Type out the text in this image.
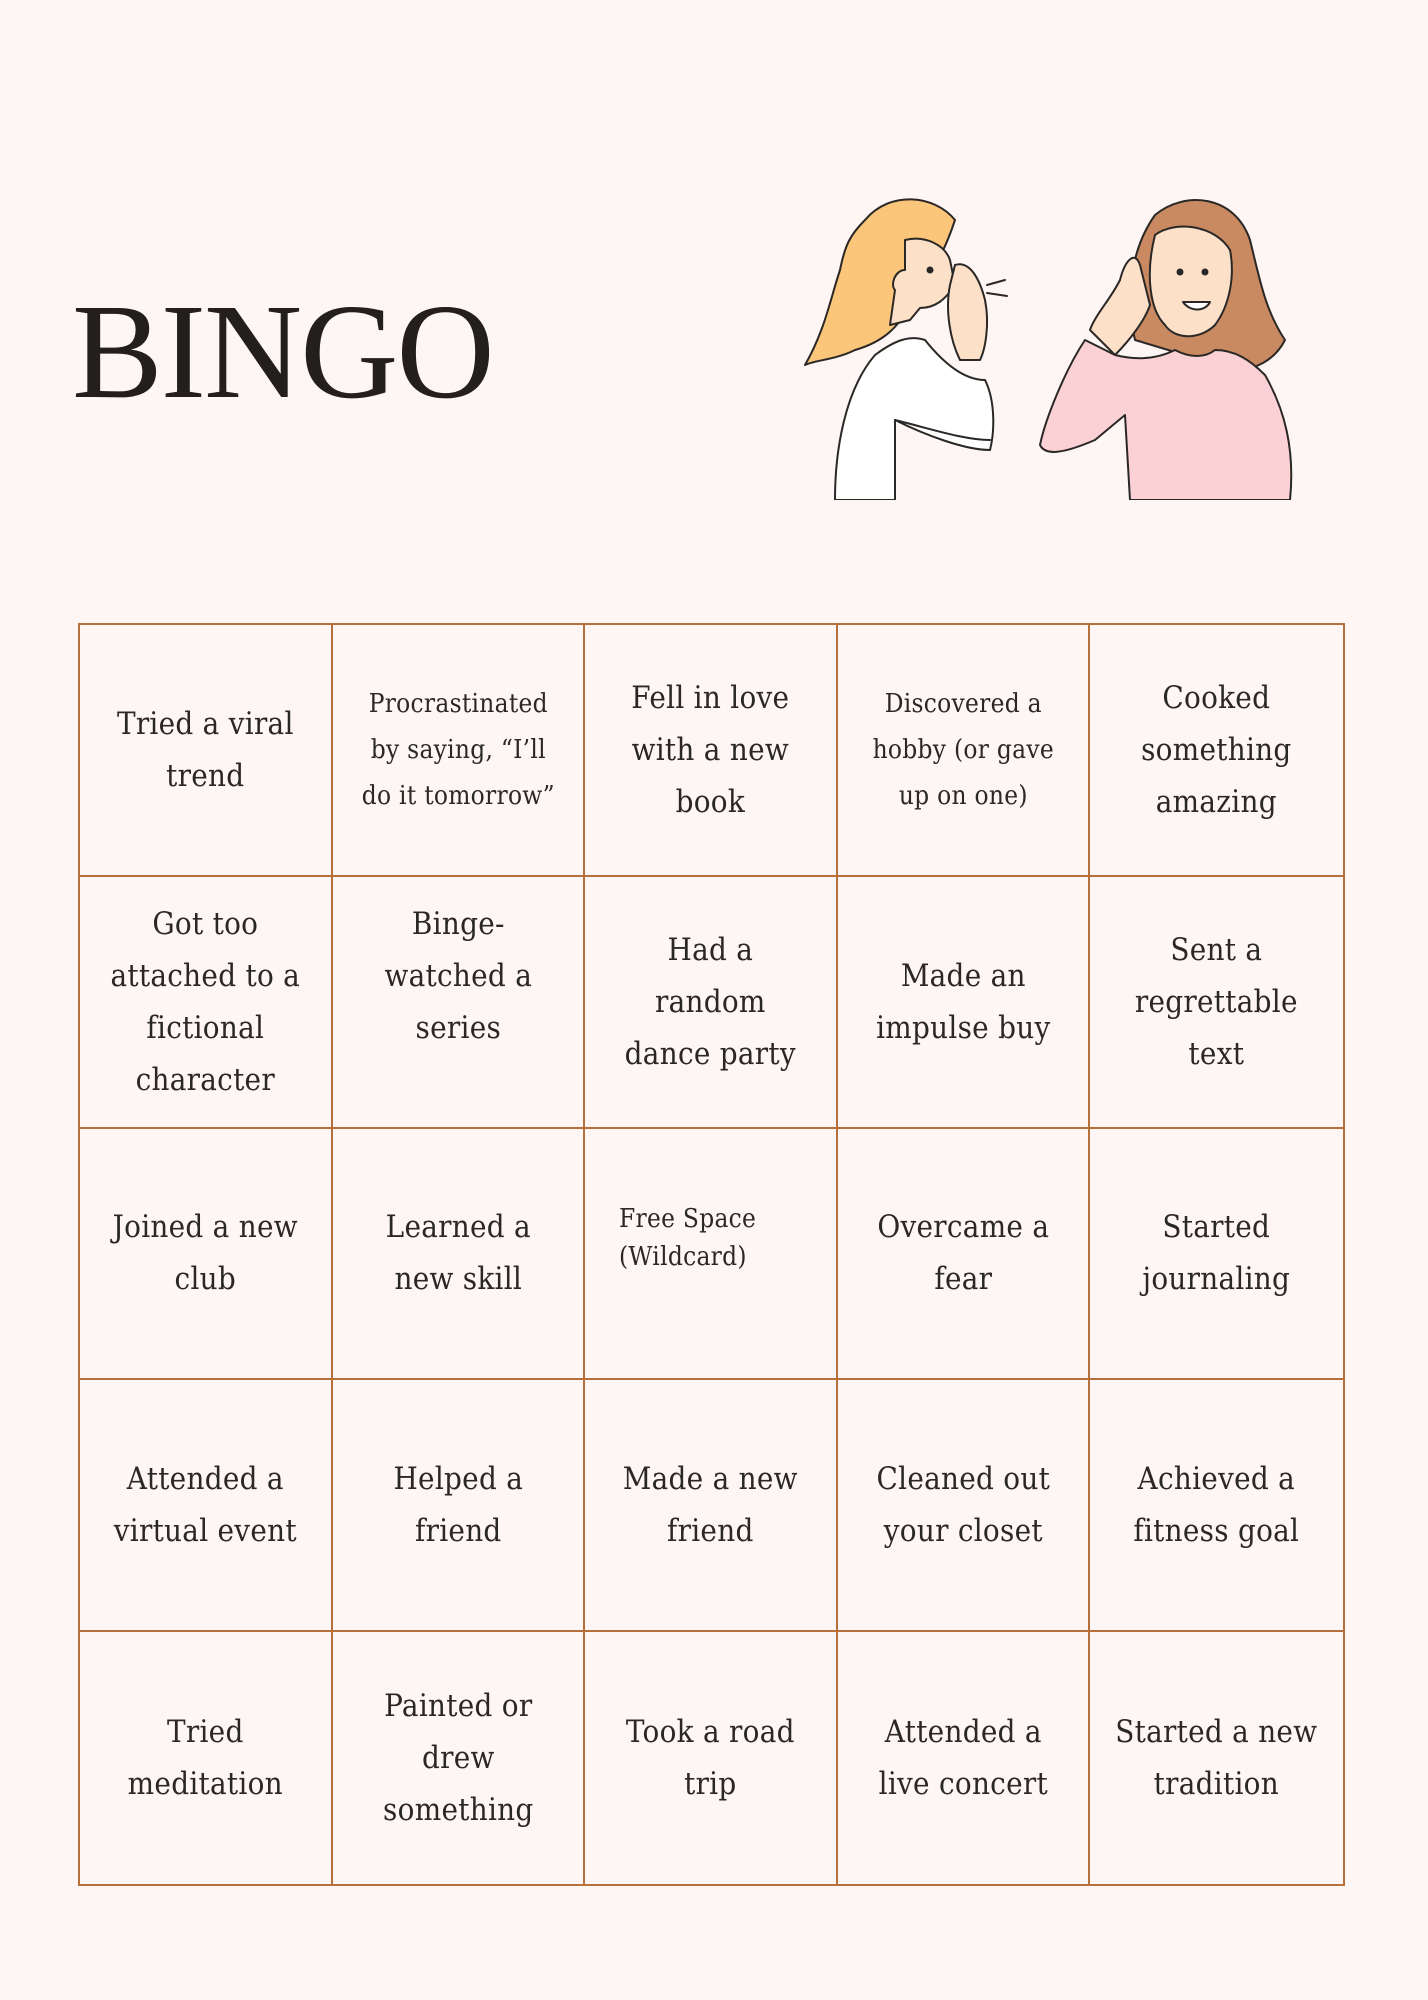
BINGO
Tried a viral trend
Procrastinated by saying, “I’ll do it tomorrow”
Fell in love with a new book
Discovered a hobby (or gave up on one)
Cooked something amazing
Got too attached to a fictional character
Binge-watched a series
Had a random dance party
Made an impulse buy
Sent a regrettable text
Joined a new club
Learned a new skill
Free Space (Wildcard)
Overcame a fear
Started journaling
Attended a virtual event
Helped a friend
Made a new friend
Cleaned out your closet
Achieved a fitness goal
Tried meditation
Painted or drew something
Took a road trip
Attended a live concert
Started a new tradition
